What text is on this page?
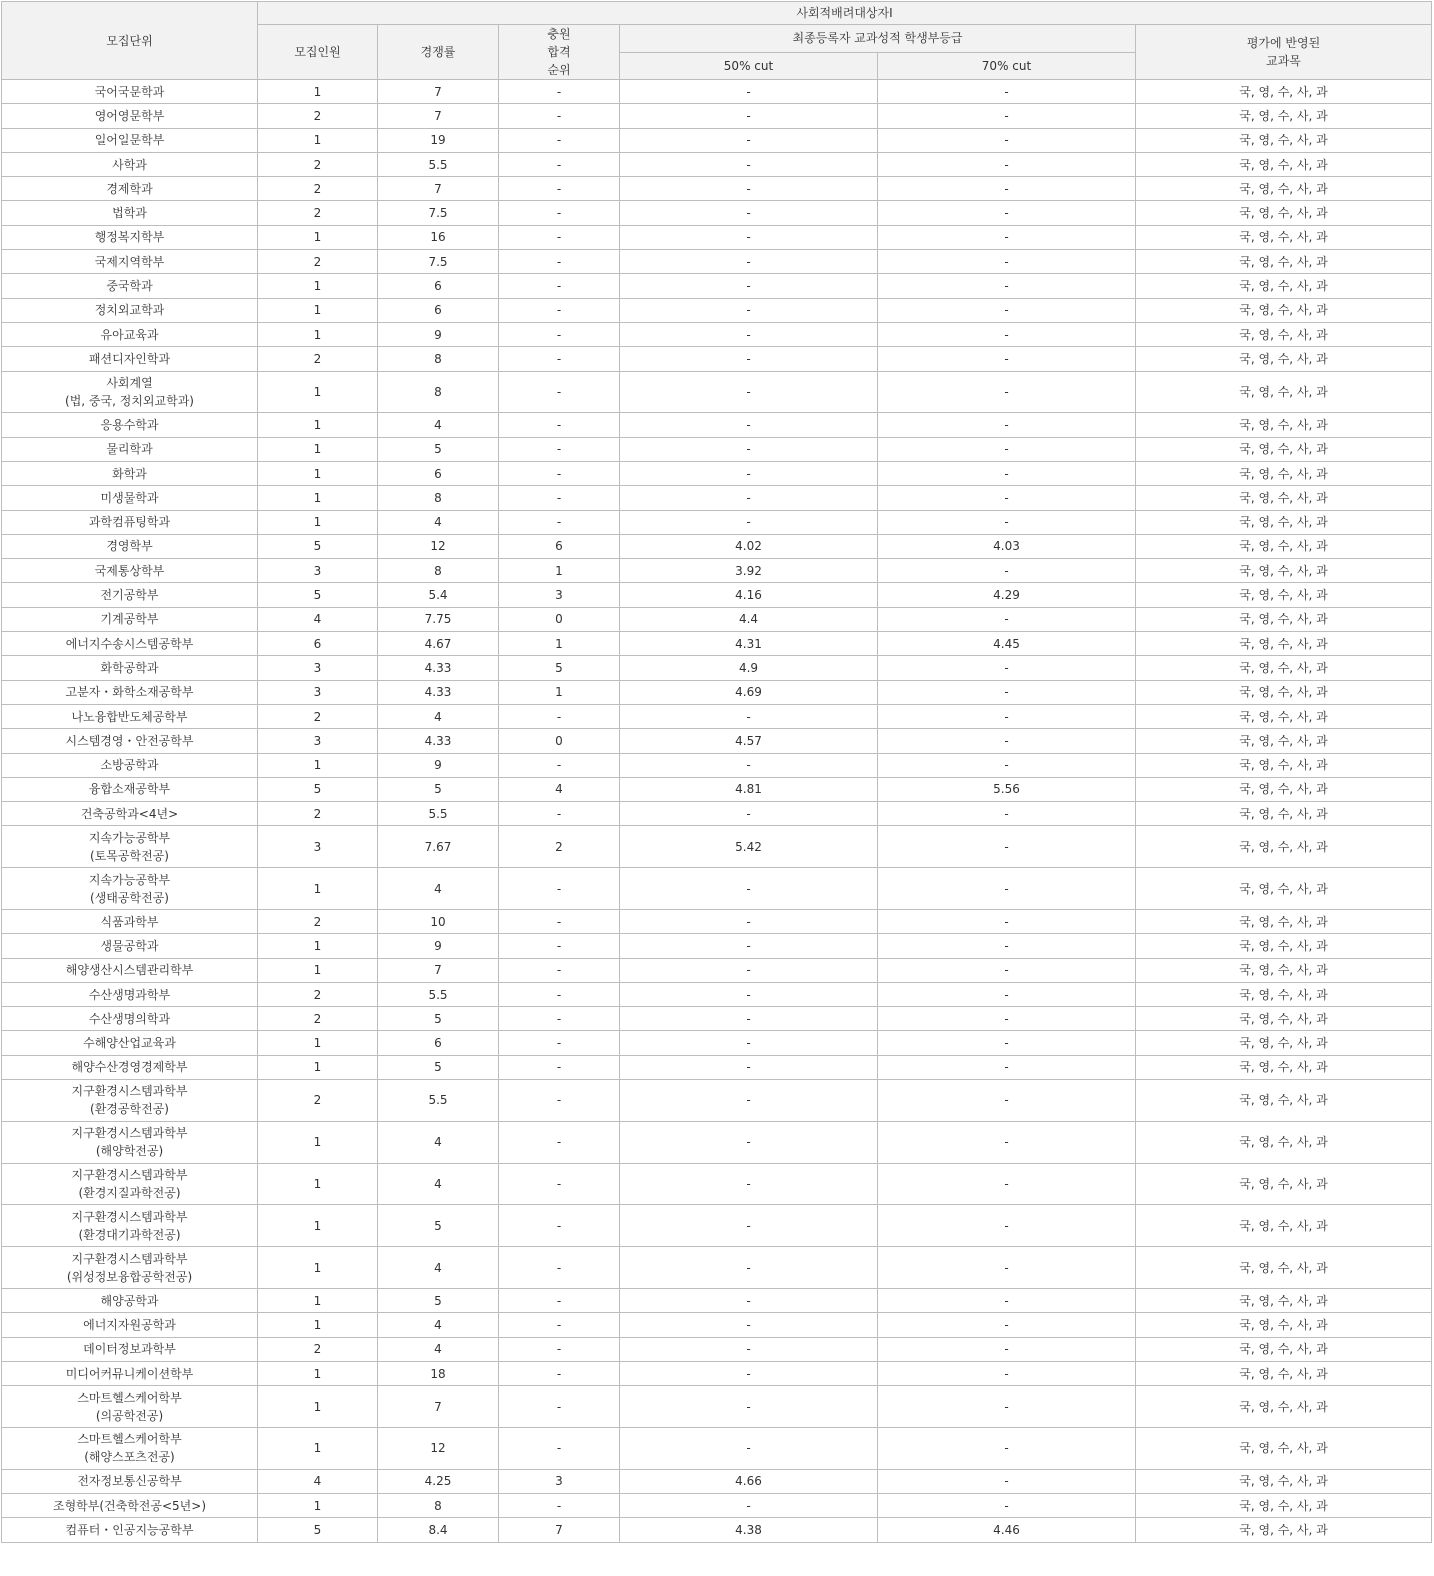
모집단위	사회적배려대상자Ⅰ					
	모집인원	경쟁률	충원
합격
순위	최종등록자 교과성적 학생부등급		평가에 반영된
교과목
				50% cut	70% cut	
국어국문학과	1	7	-	-	-	국, 영, 수, 사, 과
영어영문학부	2	7	-	-	-	국, 영, 수, 사, 과
일어일문학부	1	19	-	-	-	국, 영, 수, 사, 과
사학과	2	5.5	-	-	-	국, 영, 수, 사, 과
경제학과	2	7	-	-	-	국, 영, 수, 사, 과
법학과	2	7.5	-	-	-	국, 영, 수, 사, 과
행정복지학부	1	16	-	-	-	국, 영, 수, 사, 과
국제지역학부	2	7.5	-	-	-	국, 영, 수, 사, 과
중국학과	1	6	-	-	-	국, 영, 수, 사, 과
정치외교학과	1	6	-	-	-	국, 영, 수, 사, 과
유아교육과	1	9	-	-	-	국, 영, 수, 사, 과
패션디자인학과	2	8	-	-	-	국, 영, 수, 사, 과
사회계열
(법, 중국, 정치외교학과)	1	8	-	-	-	국, 영, 수, 사, 과
응용수학과	1	4	-	-	-	국, 영, 수, 사, 과
물리학과	1	5	-	-	-	국, 영, 수, 사, 과
화학과	1	6	-	-	-	국, 영, 수, 사, 과
미생물학과	1	8	-	-	-	국, 영, 수, 사, 과
과학컴퓨팅학과	1	4	-	-	-	국, 영, 수, 사, 과
경영학부	5	12	6	4.02	4.03	국, 영, 수, 사, 과
국제통상학부	3	8	1	3.92	-	국, 영, 수, 사, 과
전기공학부	5	5.4	3	4.16	4.29	국, 영, 수, 사, 과
기계공학부	4	7.75	0	4.4	-	국, 영, 수, 사, 과
에너지수송시스템공학부	6	4.67	1	4.31	4.45	국, 영, 수, 사, 과
화학공학과	3	4.33	5	4.9	-	국, 영, 수, 사, 과
고분자・화학소재공학부	3	4.33	1	4.69	-	국, 영, 수, 사, 과
나노융합반도체공학부	2	4	-	-	-	국, 영, 수, 사, 과
시스템경영・안전공학부	3	4.33	0	4.57	-	국, 영, 수, 사, 과
소방공학과	1	9	-	-	-	국, 영, 수, 사, 과
융합소재공학부	5	5	4	4.81	5.56	국, 영, 수, 사, 과
건축공학과<4년>	2	5.5	-	-	-	국, 영, 수, 사, 과
지속가능공학부
(토목공학전공)	3	7.67	2	5.42	-	국, 영, 수, 사, 과
지속가능공학부
(생태공학전공)	1	4	-	-	-	국, 영, 수, 사, 과
식품과학부	2	10	-	-	-	국, 영, 수, 사, 과
생물공학과	1	9	-	-	-	국, 영, 수, 사, 과
해양생산시스템관리학부	1	7	-	-	-	국, 영, 수, 사, 과
수산생명과학부	2	5.5	-	-	-	국, 영, 수, 사, 과
수산생명의학과	2	5	-	-	-	국, 영, 수, 사, 과
수해양산업교육과	1	6	-	-	-	국, 영, 수, 사, 과
해양수산경영경제학부	1	5	-	-	-	국, 영, 수, 사, 과
지구환경시스템과학부
(환경공학전공)	2	5.5	-	-	-	국, 영, 수, 사, 과
지구환경시스템과학부
(해양학전공)	1	4	-	-	-	국, 영, 수, 사, 과
지구환경시스템과학부
(환경지질과학전공)	1	4	-	-	-	국, 영, 수, 사, 과
지구환경시스템과학부
(환경대기과학전공)	1	5	-	-	-	국, 영, 수, 사, 과
지구환경시스템과학부
(위성정보융합공학전공)	1	4	-	-	-	국, 영, 수, 사, 과
해양공학과	1	5	-	-	-	국, 영, 수, 사, 과
에너지자원공학과	1	4	-	-	-	국, 영, 수, 사, 과
데이터정보과학부	2	4	-	-	-	국, 영, 수, 사, 과
미디어커뮤니케이션학부	1	18	-	-	-	국, 영, 수, 사, 과
스마트헬스케어학부
(의공학전공)	1	7	-	-	-	국, 영, 수, 사, 과
스마트헬스케어학부
(해양스포츠전공)	1	12	-	-	-	국, 영, 수, 사, 과
전자정보통신공학부	4	4.25	3	4.66	-	국, 영, 수, 사, 과
조형학부(건축학전공<5년>)	1	8	-	-	-	국, 영, 수, 사, 과
컴퓨터・인공지능공학부	5	8.4	7	4.38	4.46	국, 영, 수, 사, 과
